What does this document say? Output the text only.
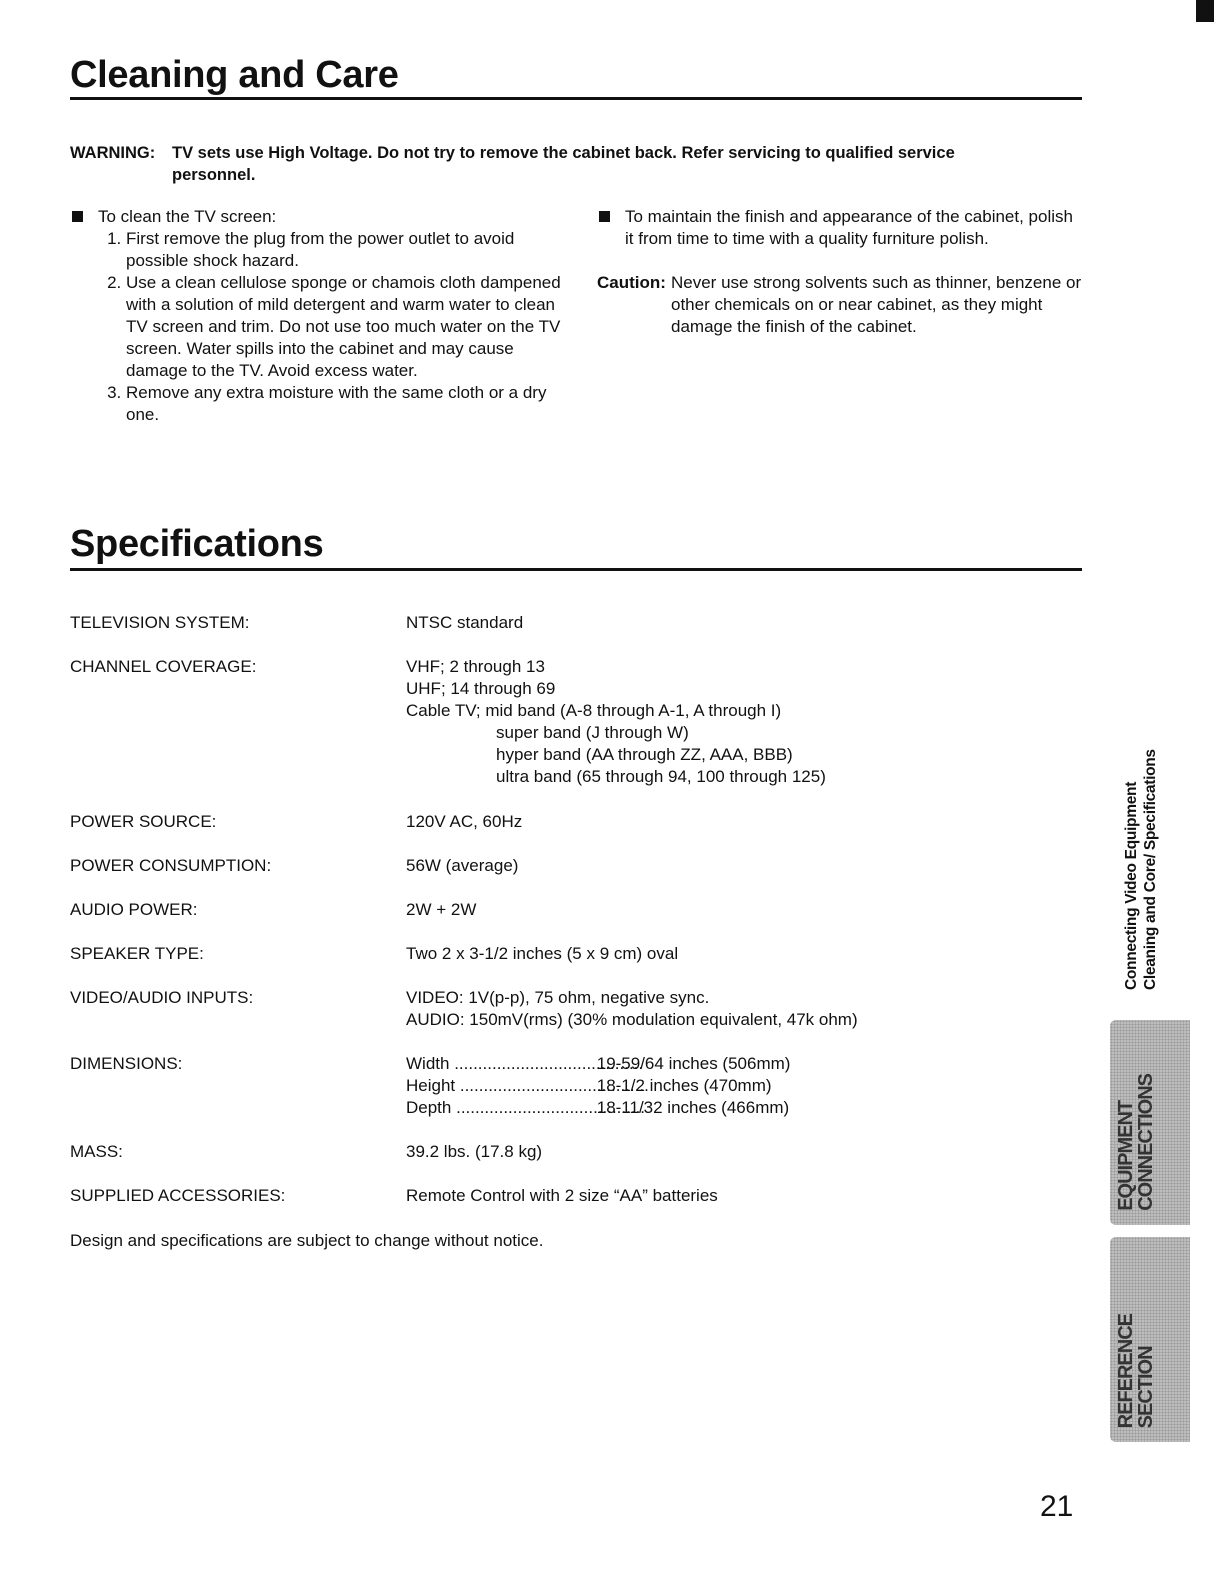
Cleaning and Care
WARNING: TV sets use High Voltage. Do not try to remove the cabinet back. Refer servicing to qualified service
personnel.
To clean the TV screen:
1. First remove the plug from the power outlet to avoid possible shock hazard.
2. Use a clean cellulose sponge or chamois cloth dampened with a solution of mild detergent and warm water to clean TV screen and trim. Do not use too much water on the TV screen. Water spills into the cabinet and may cause damage to the TV. Avoid excess water.
3. Remove any extra moisture with the same cloth or a dry one.
To maintain the finish and appearance of the cabinet, polish it from time to time with a quality furniture polish.
Caution: Never use strong solvents such as thinner, benzene or other chemicals on or near cabinet, as they might damage the finish of the cabinet.
Specifications
TELEVISION SYSTEM:	NTSC standard
CHANNEL COVERAGE:	VHF; 2 through 13
UHF; 14 through 69
Cable TV; mid band (A-8 through A-1, A through I)
super band (J through W)
hyper band (AA through ZZ, AAA, BBB)
ultra band (65 through 94, 100 through 125)
POWER SOURCE:	120V AC, 60Hz
POWER CONSUMPTION:	56W (average)
AUDIO POWER:	2W + 2W
SPEAKER TYPE:	Two 2 x 3-1/2 inches (5 x 9 cm) oval
VIDEO/AUDIO INPUTS:	VIDEO: 1V(p-p), 75 ohm, negative sync.
AUDIO: 150mV(rms) (30% modulation equivalent, 47k ohm)
DIMENSIONS:	Width ........................................ 19-59/64 inches (506mm)
Height ........................................ 18-1/2 inches (470mm)
Depth ........................................ 18-11/32 inches (466mm)
MASS:	39.2 lbs. (17.8 kg)
SUPPLIED ACCESSORIES:	Remote Control with 2 size “AA” batteries
Design and specifications are subject to change without notice.
Connecting Video Equipment Cleaning and Core/ Specifications
EQUIPMENT
CONNECTIONS
REFERENCE
SECTION
21
